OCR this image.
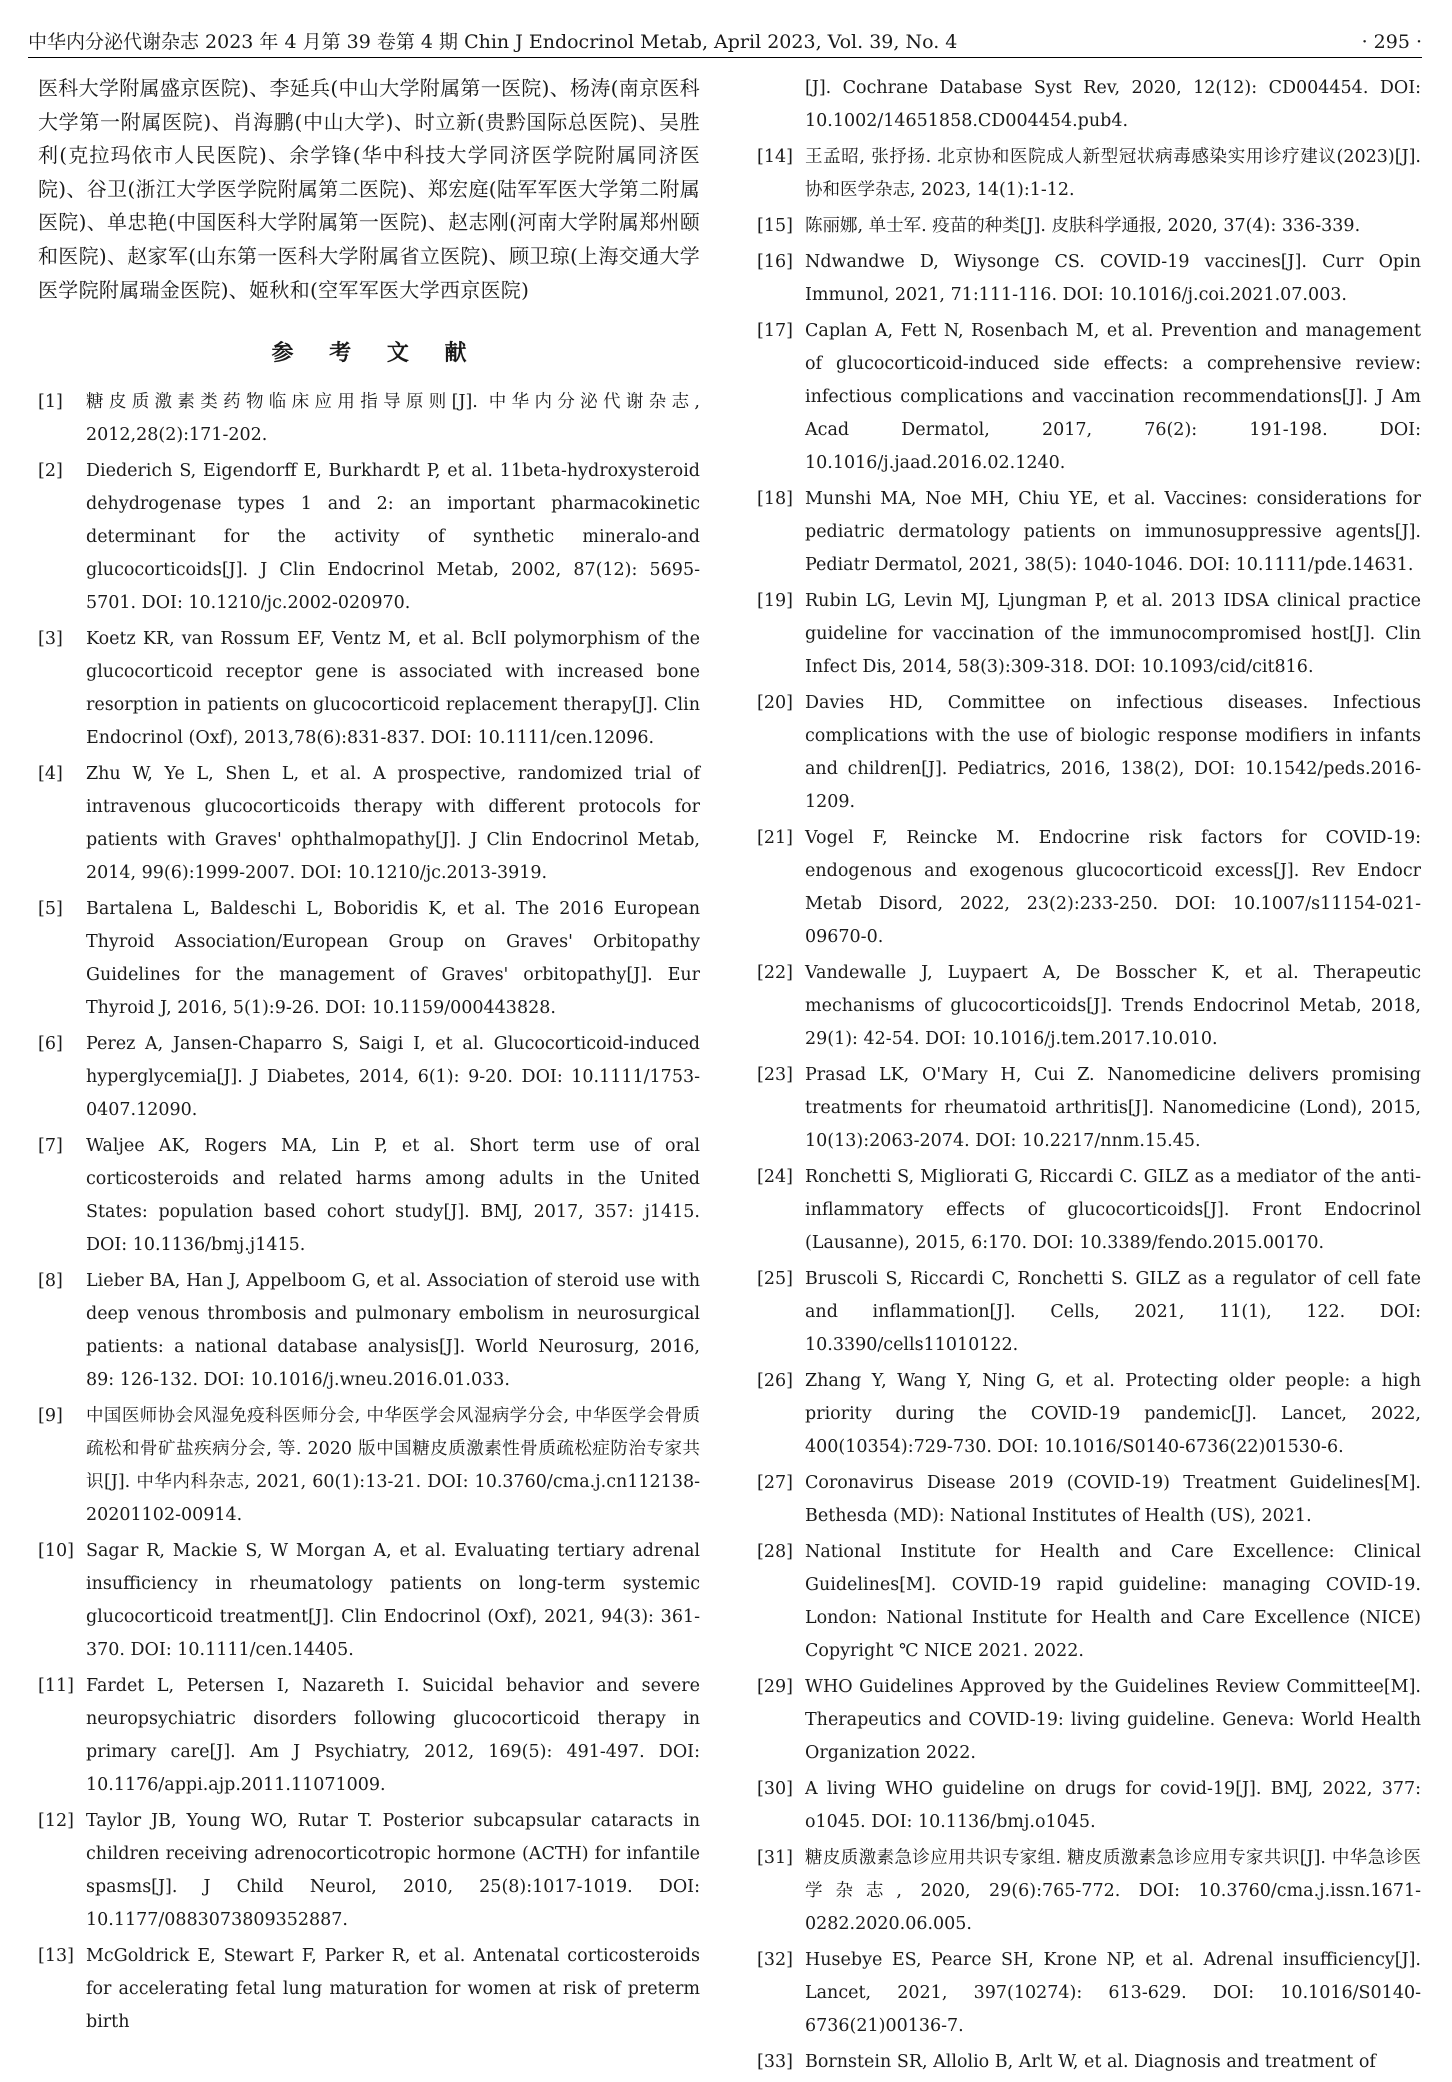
中华内分泌代谢杂志 2023 年 4 月第 39 卷第 4 期 Chin J Endocrinol Metab, April 2023, Vol. 39, No. 4	· 295 ·

医科大学附属盛京医院)、李延兵(中山大学附属第一医院)、杨涛(南京医科大学第一附属医院)、肖海鹏(中山大学)、时立新(贵黔国际总医院)、吴胜利(克拉玛依市人民医院)、余学锋(华中科技大学同济医学院附属同济医院)、谷卫(浙江大学医学院附属第二医院)、郑宏庭(陆军军医大学第二附属医院)、单忠艳(中国医科大学附属第一医院)、赵志刚(河南大学附属郑州颐和医院)、赵家军(山东第一医科大学附属省立医院)、顾卫琼(上海交通大学医学院附属瑞金医院)、姬秋和(空军军医大学西京医院)

参 考 文 献
[1] 糖皮质激素类药物临床应用指导原则[J]. 中华内分泌代谢杂志, 2012,28(2):171-202.
[2] Diederich S, Eigendorff E, Burkhardt P, et al. 11beta-hydroxysteroid dehydrogenase types 1 and 2: an important pharmacokinetic determinant for the activity of synthetic mineralo-and glucocorticoids[J]. J Clin Endocrinol Metab, 2002, 87(12): 5695-5701. DOI: 10.1210/jc.2002-020970.
[3] Koetz KR, van Rossum EF, Ventz M, et al. BclI polymorphism of the glucocorticoid receptor gene is associated with increased bone resorption in patients on glucocorticoid replacement therapy[J]. Clin Endocrinol (Oxf), 2013,78(6):831-837. DOI: 10.1111/cen.12096.
[4] Zhu W, Ye L, Shen L, et al. A prospective, randomized trial of intravenous glucocorticoids therapy with different protocols for patients with Graves' ophthalmopathy[J]. J Clin Endocrinol Metab, 2014, 99(6):1999-2007. DOI: 10.1210/jc.2013-3919.
[5] Bartalena L, Baldeschi L, Boboridis K, et al. The 2016 European Thyroid Association/European Group on Graves' Orbitopathy Guidelines for the management of Graves' orbitopathy[J]. Eur Thyroid J, 2016, 5(1):9-26. DOI: 10.1159/000443828.
[6] Perez A, Jansen-Chaparro S, Saigi I, et al. Glucocorticoid-induced hyperglycemia[J]. J Diabetes, 2014, 6(1): 9-20. DOI: 10.1111/1753-0407.12090.
[7] Waljee AK, Rogers MA, Lin P, et al. Short term use of oral corticosteroids and related harms among adults in the United States: population based cohort study[J]. BMJ, 2017, 357: j1415. DOI: 10.1136/bmj.j1415.
[8] Lieber BA, Han J, Appelboom G, et al. Association of steroid use with deep venous thrombosis and pulmonary embolism in neurosurgical patients: a national database analysis[J]. World Neurosurg, 2016, 89: 126-132. DOI: 10.1016/j.wneu.2016.01.033.
[9] 中国医师协会风湿免疫科医师分会, 中华医学会风湿病学分会, 中华医学会骨质疏松和骨矿盐疾病分会, 等. 2020 版中国糖皮质激素性骨质疏松症防治专家共识[J]. 中华内科杂志, 2021, 60(1):13-21. DOI: 10.3760/cma.j.cn112138-20201102-00914.
[10] Sagar R, Mackie S, W Morgan A, et al. Evaluating tertiary adrenal insufficiency in rheumatology patients on long-term systemic glucocorticoid treatment[J]. Clin Endocrinol (Oxf), 2021, 94(3): 361-370. DOI: 10.1111/cen.14405.
[11] Fardet L, Petersen I, Nazareth I. Suicidal behavior and severe neuropsychiatric disorders following glucocorticoid therapy in primary care[J]. Am J Psychiatry, 2012, 169(5): 491-497. DOI: 10.1176/appi.ajp.2011.11071009.
[12] Taylor JB, Young WO, Rutar T. Posterior subcapsular cataracts in children receiving adrenocorticotropic hormone (ACTH) for infantile spasms[J]. J Child Neurol, 2010, 25(8):1017-1019. DOI: 10.1177/0883073809352887.
[13] McGoldrick E, Stewart F, Parker R, et al. Antenatal corticosteroids for accelerating fetal lung maturation for women at risk of preterm birth
[J]. Cochrane Database Syst Rev, 2020, 12(12): CD004454. DOI: 10.1002/14651858.CD004454.pub4.
[14] 王孟昭, 张抒扬. 北京协和医院成人新型冠状病毒感染实用诊疗建议(2023)[J]. 协和医学杂志, 2023, 14(1):1-12.
[15] 陈丽娜, 单士军. 疫苗的种类[J]. 皮肤科学通报, 2020, 37(4): 336-339.
[16] Ndwandwe D, Wiysonge CS. COVID-19 vaccines[J]. Curr Opin Immunol, 2021, 71:111-116. DOI: 10.1016/j.coi.2021.07.003.
[17] Caplan A, Fett N, Rosenbach M, et al. Prevention and management of glucocorticoid-induced side effects: a comprehensive review: infectious complications and vaccination recommendations[J]. J Am Acad Dermatol, 2017, 76(2): 191-198. DOI: 10.1016/j.jaad.2016.02.1240.
[18] Munshi MA, Noe MH, Chiu YE, et al. Vaccines: considerations for pediatric dermatology patients on immunosuppressive agents[J]. Pediatr Dermatol, 2021, 38(5): 1040-1046. DOI: 10.1111/pde.14631.
[19] Rubin LG, Levin MJ, Ljungman P, et al. 2013 IDSA clinical practice guideline for vaccination of the immunocompromised host[J]. Clin Infect Dis, 2014, 58(3):309-318. DOI: 10.1093/cid/cit816.
[20] Davies HD, Committee on infectious diseases. Infectious complications with the use of biologic response modifiers in infants and children[J]. Pediatrics, 2016, 138(2), DOI: 10.1542/peds.2016-1209.
[21] Vogel F, Reincke M. Endocrine risk factors for COVID-19: endogenous and exogenous glucocorticoid excess[J]. Rev Endocr Metab Disord, 2022, 23(2):233-250. DOI: 10.1007/s11154-021-09670-0.
[22] Vandewalle J, Luypaert A, De Bosscher K, et al. Therapeutic mechanisms of glucocorticoids[J]. Trends Endocrinol Metab, 2018, 29(1): 42-54. DOI: 10.1016/j.tem.2017.10.010.
[23] Prasad LK, O'Mary H, Cui Z. Nanomedicine delivers promising treatments for rheumatoid arthritis[J]. Nanomedicine (Lond), 2015, 10(13):2063-2074. DOI: 10.2217/nnm.15.45.
[24] Ronchetti S, Migliorati G, Riccardi C. GILZ as a mediator of the anti-inflammatory effects of glucocorticoids[J]. Front Endocrinol (Lausanne), 2015, 6:170. DOI: 10.3389/fendo.2015.00170.
[25] Bruscoli S, Riccardi C, Ronchetti S. GILZ as a regulator of cell fate and inflammation[J]. Cells, 2021, 11(1), 122. DOI: 10.3390/cells11010122.
[26] Zhang Y, Wang Y, Ning G, et al. Protecting older people: a high priority during the COVID-19 pandemic[J]. Lancet, 2022, 400(10354):729-730. DOI: 10.1016/S0140-6736(22)01530-6.
[27] Coronavirus Disease 2019 (COVID-19) Treatment Guidelines[M]. Bethesda (MD): National Institutes of Health (US), 2021.
[28] National Institute for Health and Care Excellence: Clinical Guidelines[M]. COVID-19 rapid guideline: managing COVID-19. London: National Institute for Health and Care Excellence (NICE) Copyright ℃ NICE 2021. 2022.
[29] WHO Guidelines Approved by the Guidelines Review Committee[M]. Therapeutics and COVID-19: living guideline. Geneva: World Health Organization 2022.
[30] A living WHO guideline on drugs for covid-19[J]. BMJ, 2022, 377: o1045. DOI: 10.1136/bmj.o1045.
[31] 糖皮质激素急诊应用共识专家组. 糖皮质激素急诊应用专家共识[J]. 中华急诊医学杂志, 2020, 29(6):765-772. DOI: 10.3760/cma.j.issn.1671-0282.2020.06.005.
[32] Husebye ES, Pearce SH, Krone NP, et al. Adrenal insufficiency[J]. Lancet, 2021, 397(10274): 613-629. DOI: 10.1016/S0140-6736(21)00136-7.
[33] Bornstein SR, Allolio B, Arlt W, et al. Diagnosis and treatment of
